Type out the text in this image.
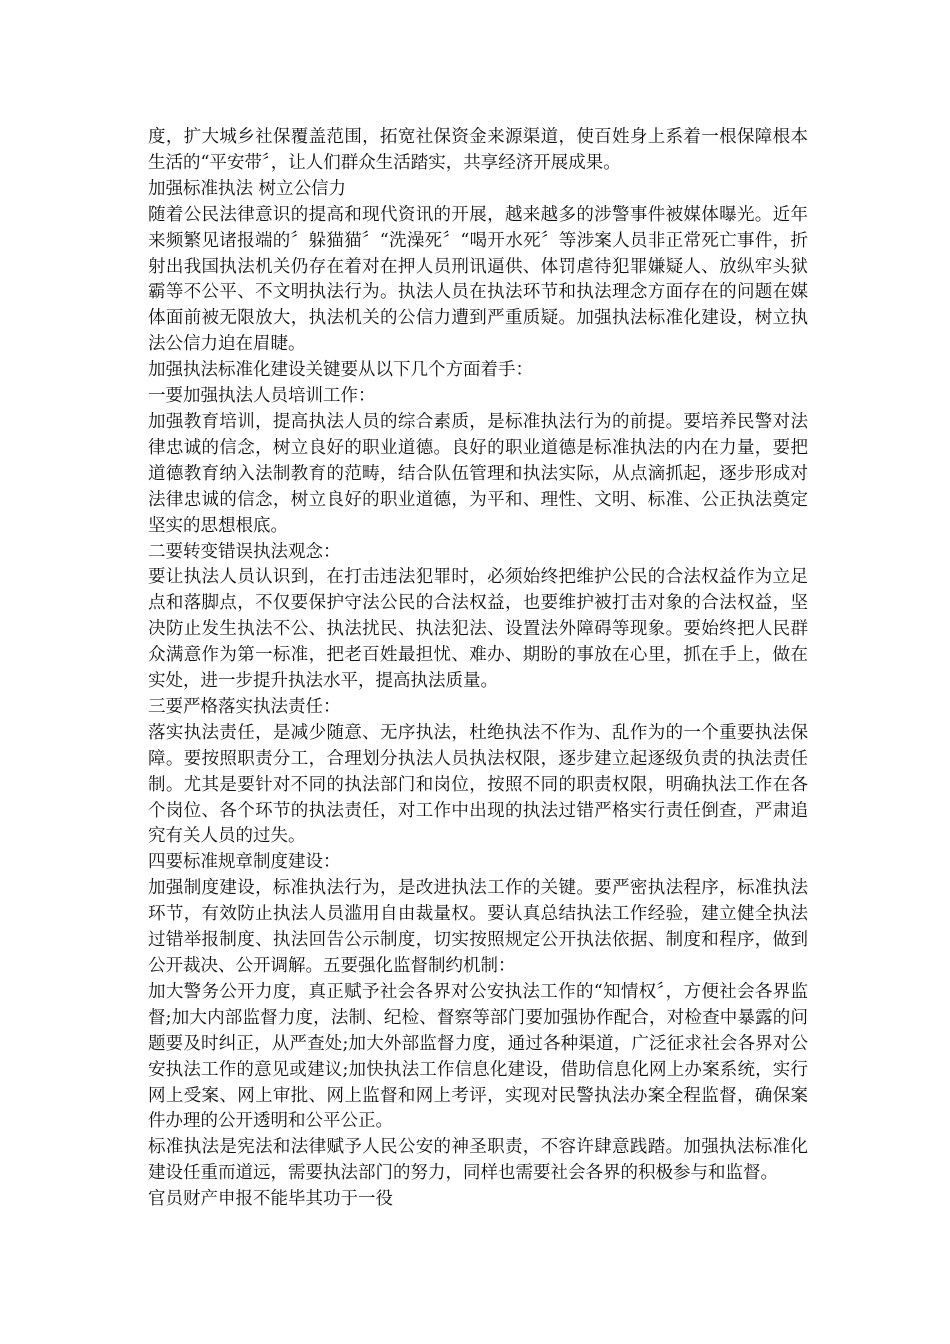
度，扩大城乡社保覆盖范围，拓宽社保资金来源渠道，使百姓身上系着一根保障根本生活的“平安带〞，让人们群众生活踏实，共享经济开展成果。

加强标准执法 树立公信力

随着公民法律意识的提高和现代资讯的开展，越来越多的涉警事件被媒体曝光。近年来频繁见诸报端的〞躲猫猫〞“洗澡死〞“喝开水死〞等涉案人员非正常死亡事件，折射出我国执法机关仍存在着对在押人员刑讯逼供、体罚虐待犯罪嫌疑人、放纵牢头狱霸等不公平、不文明执法行为。执法人员在执法环节和执法理念方面存在的问题在媒体面前被无限放大，执法机关的公信力遭到严重质疑。加强执法标准化建设，树立执法公信力迫在眉睫。

加强执法标准化建设关键要从以下几个方面着手：

一要加强执法人员培训工作：

加强教育培训，提高执法人员的综合素质，是标准执法行为的前提。要培养民警对法律忠诚的信念，树立良好的职业道德。良好的职业道德是标准执法的内在力量，要把道德教育纳入法制教育的范畴，结合队伍管理和执法实际，从点滴抓起，逐步形成对法律忠诚的信念，树立良好的职业道德，为平和、理性、文明、标准、公正执法奠定坚实的思想根底。

二要转变错误执法观念：

要让执法人员认识到，在打击违法犯罪时，必须始终把维护公民的合法权益作为立足点和落脚点，不仅要保护守法公民的合法权益，也要维护被打击对象的合法权益，坚决防止发生执法不公、执法扰民、执法犯法、设置法外障碍等现象。要始终把人民群众满意作为第一标准，把老百姓最担忧、难办、期盼的事放在心里，抓在手上，做在实处，进一步提升执法水平，提高执法质量。

三要严格落实执法责任：

落实执法责任，是减少随意、无序执法，杜绝执法不作为、乱作为的一个重要执法保障。要按照职责分工，合理划分执法人员执法权限，逐步建立起逐级负责的执法责任制。尤其是要针对不同的执法部门和岗位，按照不同的职责权限，明确执法工作在各个岗位、各个环节的执法责任，对工作中出现的执法过错严格实行责任倒查，严肃追究有关人员的过失。

四要标准规章制度建设：

加强制度建设，标准执法行为，是改进执法工作的关键。要严密执法程序，标准执法环节，有效防止执法人员滥用自由裁量权。要认真总结执法工作经验，建立健全执法过错举报制度、执法回告公示制度，切实按照规定公开执法依据、制度和程序，做到公开裁决、公开调解。五要强化监督制约机制：

加大警务公开力度，真正赋予社会各界对公安执法工作的“知情权〞，方便社会各界监督;加大内部监督力度，法制、纪检、督察等部门要加强协作配合，对检查中暴露的问题要及时纠正，从严查处;加大外部监督力度，通过各种渠道，广泛征求社会各界对公安执法工作的意见或建议;加快执法工作信息化建设，借助信息化网上办案系统，实行网上受案、网上审批、网上监督和网上考评，实现对民警执法办案全程监督，确保案件办理的公开透明和公平公正。

标准执法是宪法和法律赋予人民公安的神圣职责，不容许肆意践踏。加强执法标准化建设任重而道远，需要执法部门的努力，同样也需要社会各界的积极参与和监督。

官员财产申报不能毕其功于一役
